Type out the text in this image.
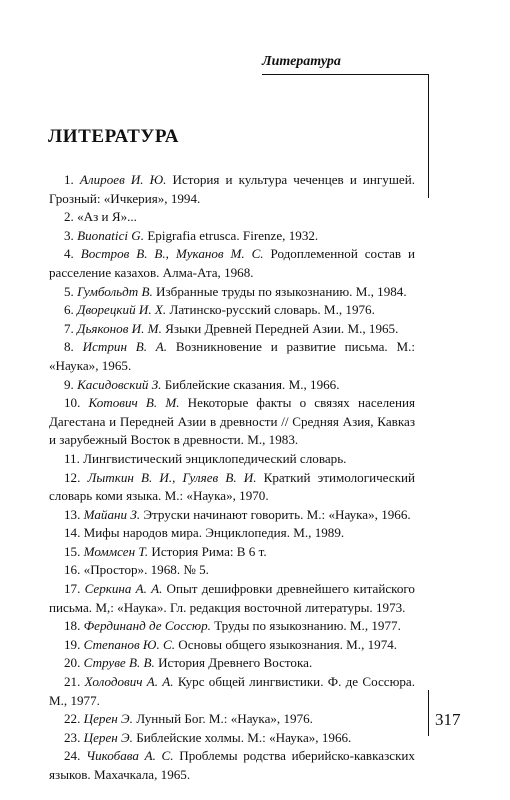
Литература
ЛИТЕРАТУРА
1. Алироев И. Ю. История и культура чеченцев и ингушей. Грозный: «Ичкерия», 1994.
2. «Аз и Я»...
3. Buonatici G. Epigrafia etrusca. Firenze, 1932.
4. Востров В. В., Муканов М. С. Родоплеменной состав и расселение казахов. Алма-Ата, 1968.
5. Гумбольдт В. Избранные труды по языкознанию. М., 1984.
6. Дворецкий И. Х. Латинско-русский словарь. М., 1976.
7. Дьяконов И. М. Языки Древней Передней Азии. М., 1965.
8. Истрин В. А. Возникновение и развитие письма. М.: «Наука», 1965.
9. Касидовский З. Библейские сказания. М., 1966.
10. Котович В. М. Некоторые факты о связях населения Дагестана и Передней Азии в древности // Средняя Азия, Кавказ и зарубежный Восток в древности. М., 1983.
11. Лингвистический энциклопедический словарь.
12. Лыткин В. И., Гуляев В. И. Краткий этимологический словарь коми языка. М.: «Наука», 1970.
13. Майани З. Этруски начинают говорить. М.: «Наука», 1966.
14. Мифы народов мира. Энциклопедия. М., 1989.
15. Моммсен Т. История Рима: В 6 т.
16. «Простор». 1968. № 5.
17. Серкина А. А. Опыт дешифровки древнейшего китайского письма. М,: «Наука». Гл. редакция восточной литературы. 1973.
18. Фердинанд де Соссюр. Труды по языкознанию. М., 1977.
19. Степанов Ю. С. Основы общего языкознания. М., 1974.
20. Струве В. В. История Древнего Востока.
21. Холодович А. А. Курс общей лингвистики. Ф. де Соссюра. М., 1977.
22. Церен Э. Лунный Бог. М.: «Наука», 1976.
23. Церен Э. Библейские холмы. М.: «Наука», 1966.
24. Чикобава А. С. Проблемы родства иберийско-кавказских языков. Махачкала, 1965.
317
